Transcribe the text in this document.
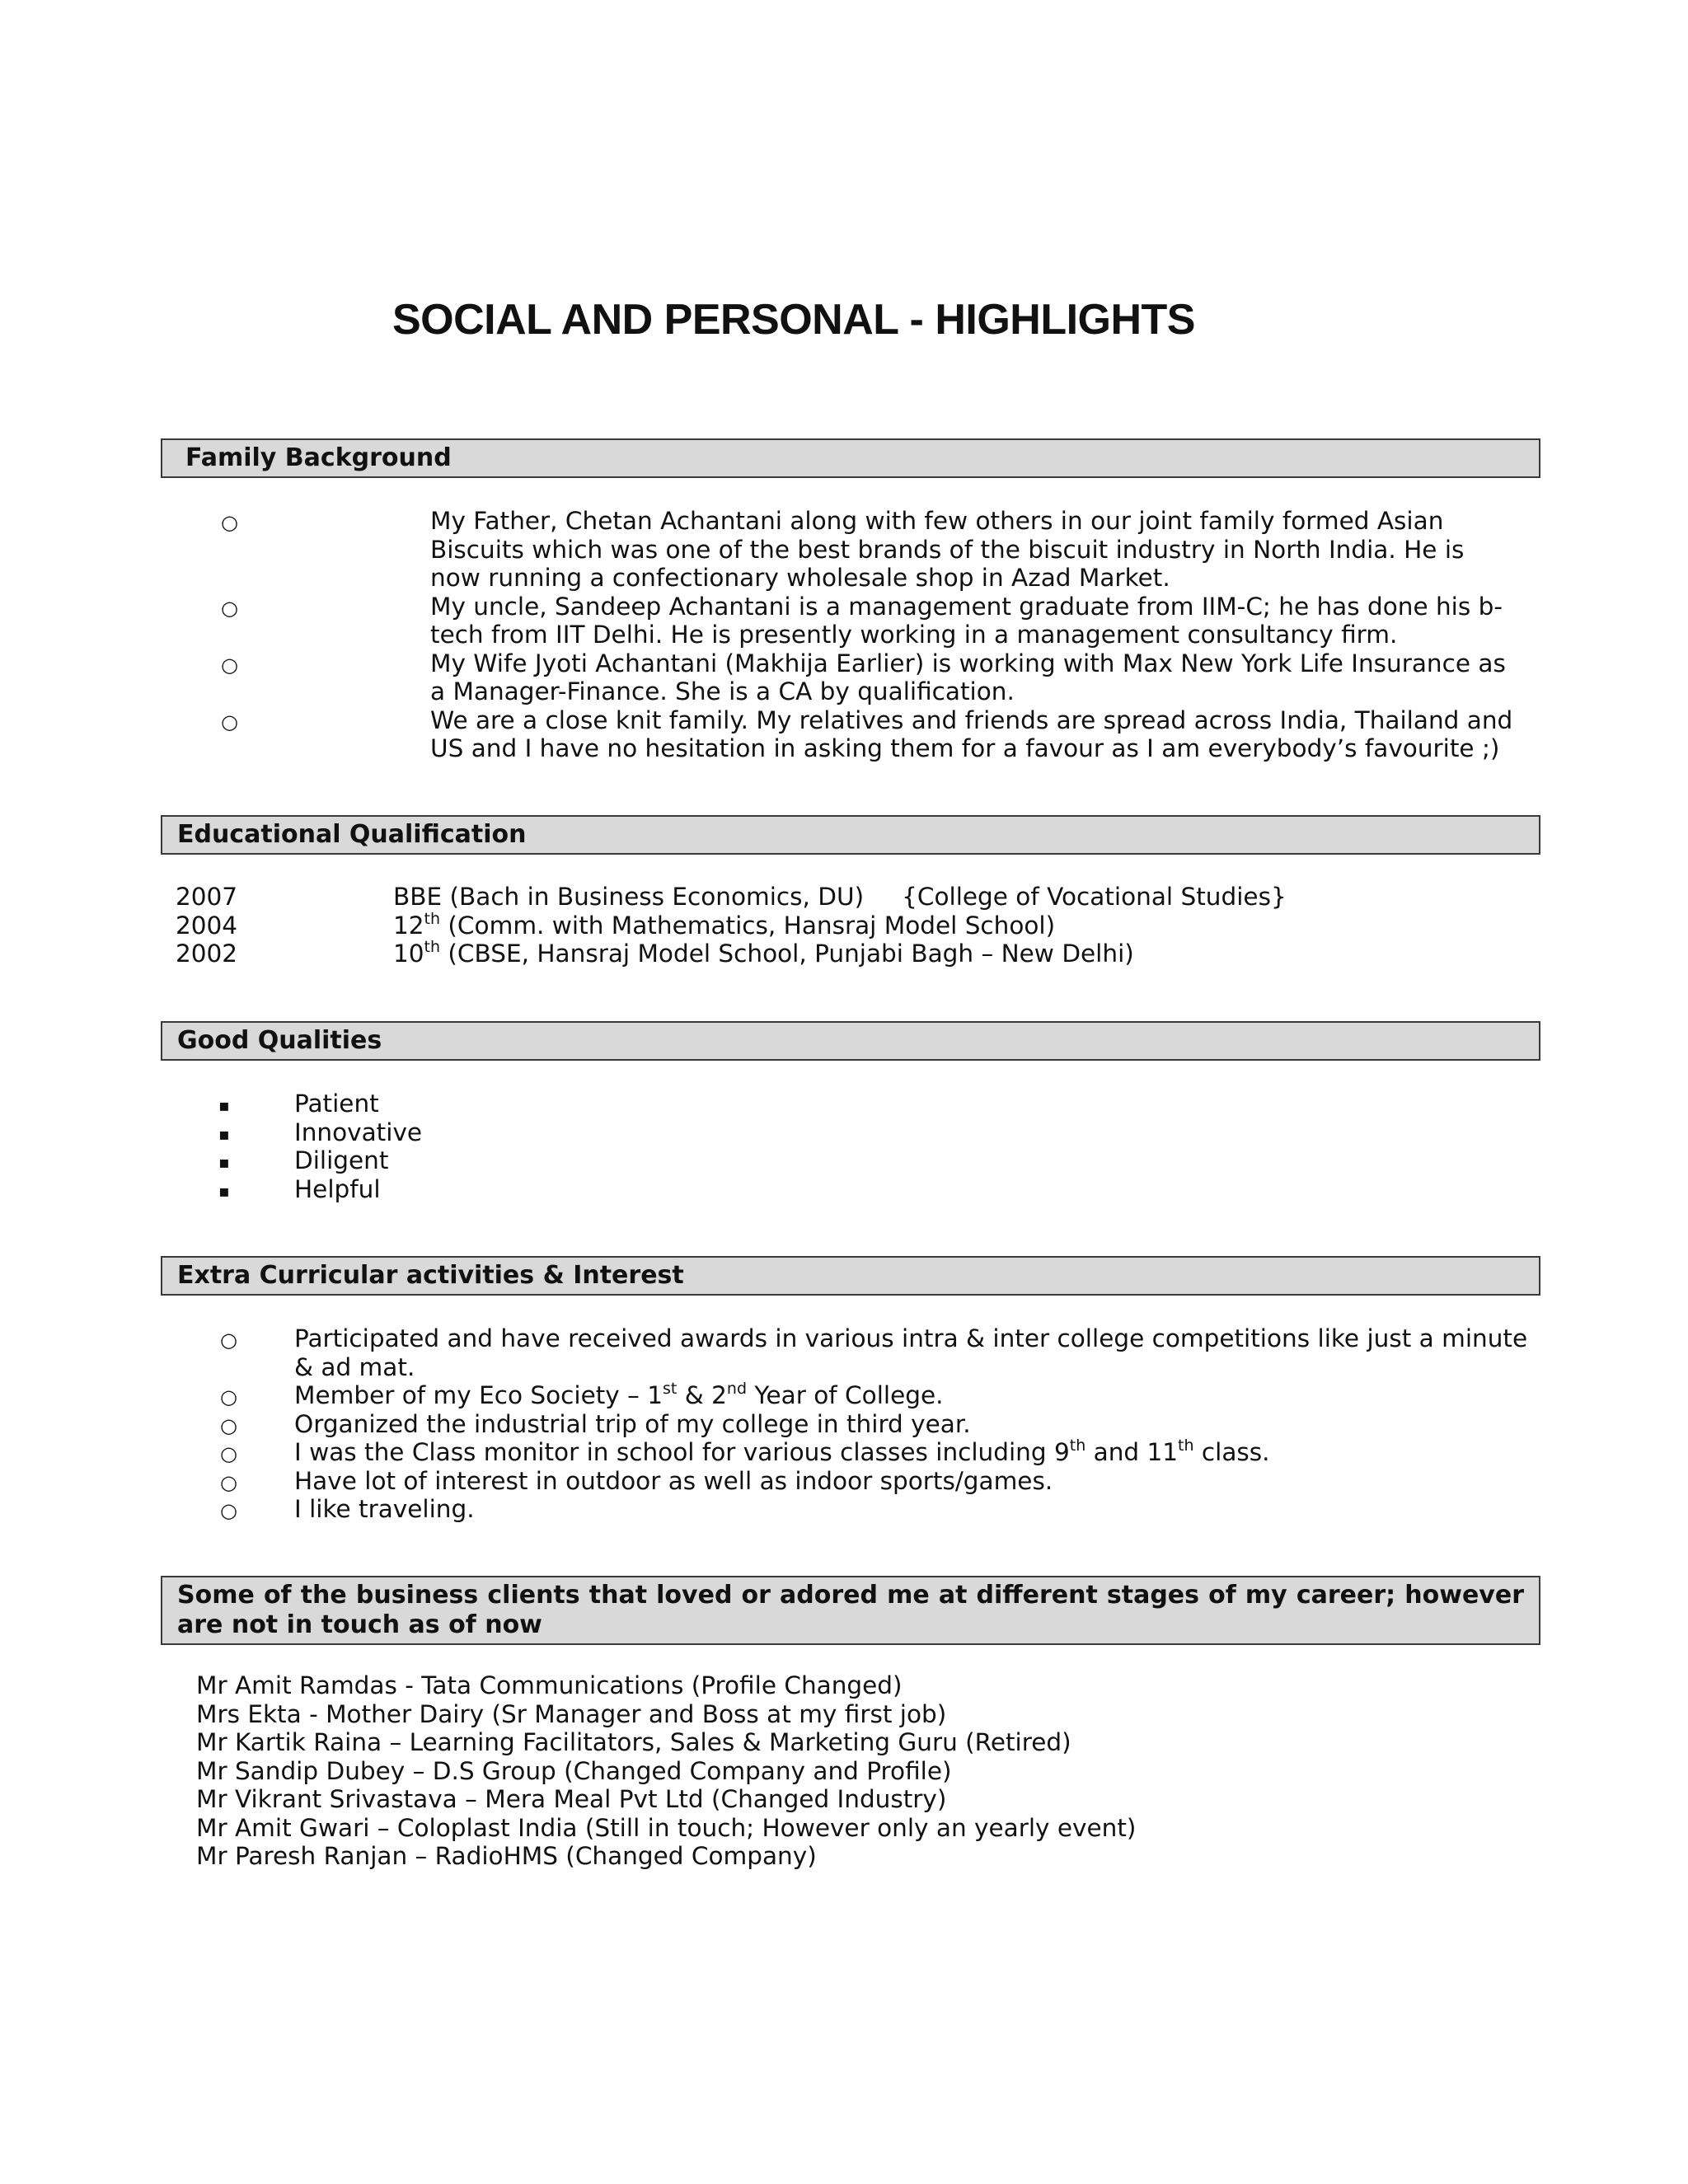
SOCIAL AND PERSONAL - HIGHLIGHTS
Family Background
○	My Father, Chetan Achantani along with few others in our joint family formed Asian Biscuits which was one of the best brands of the biscuit industry in North India. He is now running a confectionary wholesale shop in Azad Market.
○	My uncle, Sandeep Achantani is a management graduate from IIM-C; he has done his b-tech from IIT Delhi. He is presently working in a management consultancy firm.
○	My Wife Jyoti Achantani (Makhija Earlier) is working with Max New York Life Insurance as a Manager-Finance. She is a CA by qualification.
○	We are a close knit family. My relatives and friends are spread across India, Thailand and US and I have no hesitation in asking them for a favour as I am everybody’s favourite ;)
Educational Qualification
2007	BBE (Bach in Business Economics, DU) {College of Vocational Studies}
2004	12th (Comm. with Mathematics, Hansraj Model School)
2002	10th (CBSE, Hansraj Model School, Punjabi Bagh – New Delhi)
Good Qualities
▪	Patient
▪	Innovative
▪	Diligent
▪	Helpful
Extra Curricular activities & Interest
○ Participated and have received awards in various intra & inter college competitions like just a minute & ad mat.
○ Member of my Eco Society – 1st & 2nd Year of College.
○ Organized the industrial trip of my college in third year.
○ I was the Class monitor in school for various classes including 9th and 11th class.
○ Have lot of interest in outdoor as well as indoor sports/games.
○ I like traveling.
Some of the business clients that loved or adored me at different stages of my career; however are not in touch as of now
Mr Amit Ramdas - Tata Communications (Profile Changed)
Mrs Ekta - Mother Dairy (Sr Manager and Boss at my first job)
Mr Kartik Raina – Learning Facilitators, Sales & Marketing Guru (Retired)
Mr Sandip Dubey – D.S Group (Changed Company and Profile)
Mr Vikrant Srivastava – Mera Meal Pvt Ltd (Changed Industry)
Mr Amit Gwari – Coloplast India (Still in touch; However only an yearly event)
Mr Paresh Ranjan – RadioHMS (Changed Company)
